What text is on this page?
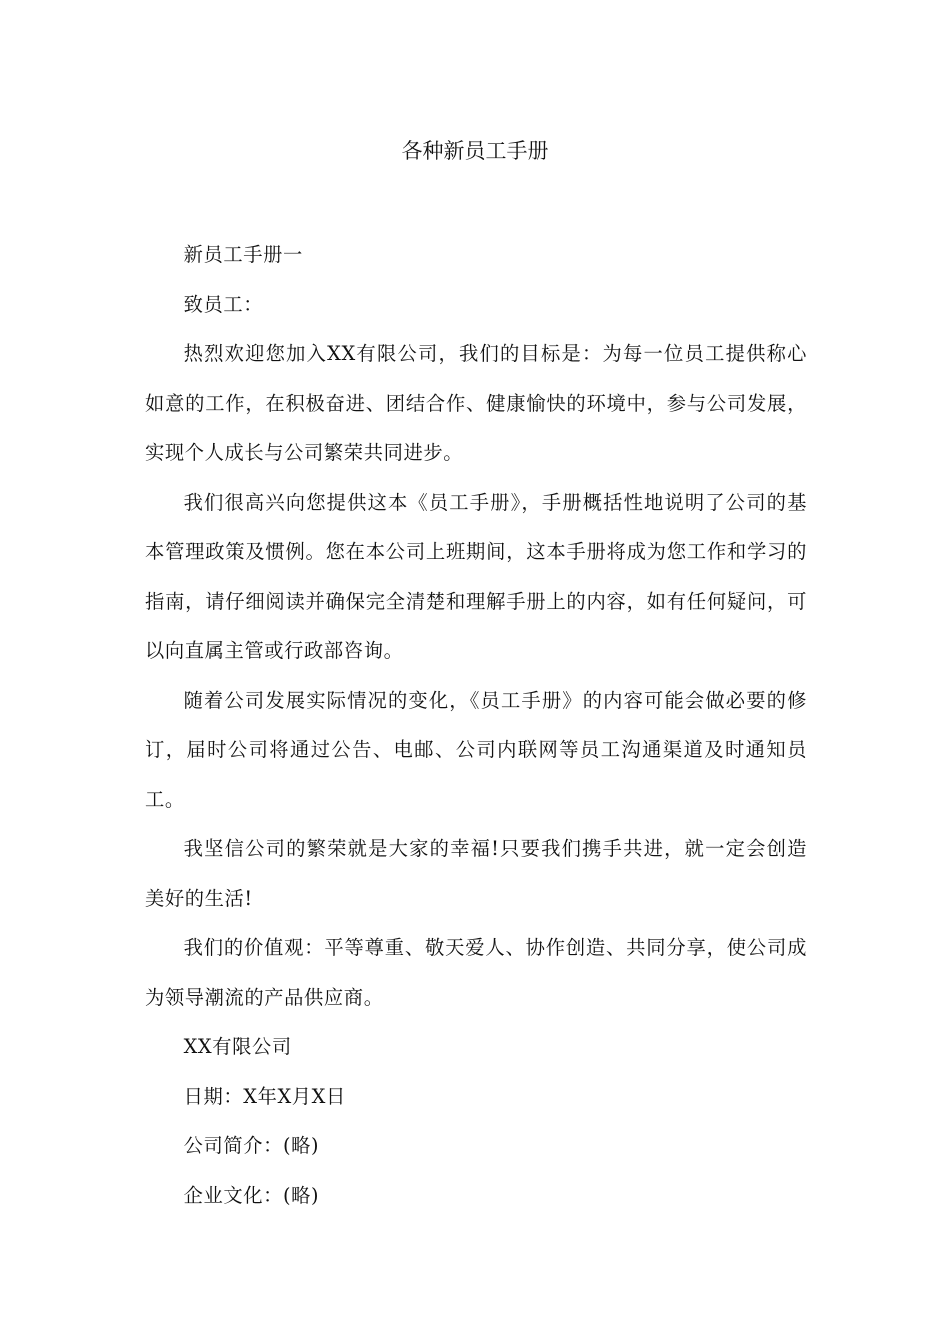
各种新员工手册

新员工手册一

致员工：

热烈欢迎您加入XX有限公司，我们的目标是：为每一位员工提供称心如意的工作，在积极奋进、团结合作、健康愉快的环境中，参与公司发展，实现个人成长与公司繁荣共同进步。

我们很高兴向您提供这本《员工手册》，手册概括性地说明了公司的基本管理政策及惯例。您在本公司上班期间，这本手册将成为您工作和学习的指南，请仔细阅读并确保完全清楚和理解手册上的内容，如有任何疑问，可以向直属主管或行政部咨询。

随着公司发展实际情况的变化，《员工手册》的内容可能会做必要的修订，届时公司将通过公告、电邮、公司内联网等员工沟通渠道及时通知员工。

我坚信公司的繁荣就是大家的幸福!只要我们携手共进，就一定会创造美好的生活!

我们的价值观：平等尊重、敬天爱人、协作创造、共同分享，使公司成为领导潮流的产品供应商。

XX有限公司

日期：X年X月X日

公司简介：(略)

企业文化：(略)
